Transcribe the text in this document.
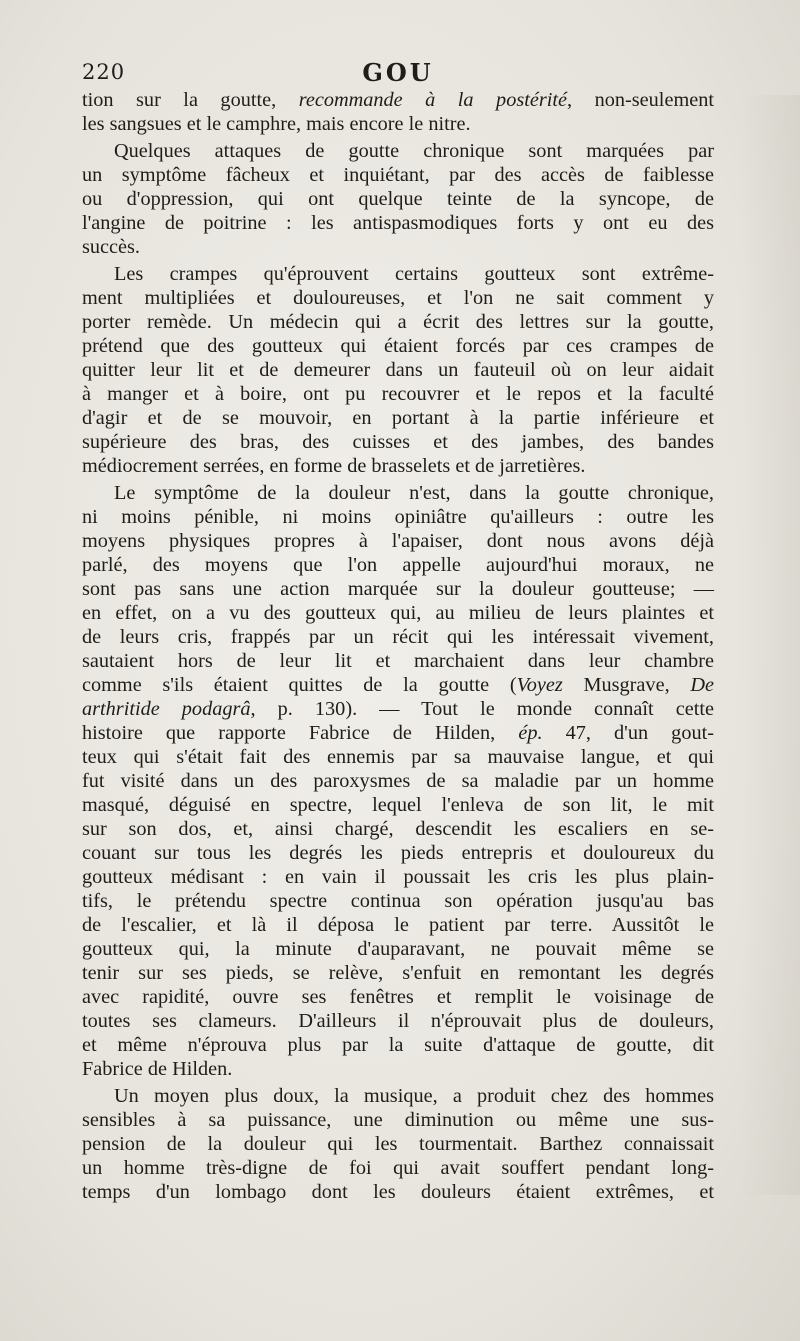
220	GOU
tion sur la goutte, recommande à la postérité, non-seulement
les sangsues et le camphre, mais encore le nitre.
Quelques attaques de goutte chronique sont marquées par
un symptôme fâcheux et inquiétant, par des accès de faiblesse
ou d'oppression, qui ont quelque teinte de la syncope, de
l'angine de poitrine : les antispasmodiques forts y ont eu des
succès.
Les crampes qu'éprouvent certains goutteux sont extrême-
ment multipliées et douloureuses, et l'on ne sait comment y
porter remède. Un médecin qui a écrit des lettres sur la goutte,
prétend que des goutteux qui étaient forcés par ces crampes de
quitter leur lit et de demeurer dans un fauteuil où on leur aidait
à manger et à boire, ont pu recouvrer et le repos et la faculté
d'agir et de se mouvoir, en portant à la partie inférieure et
supérieure des bras, des cuisses et des jambes, des bandes
médiocrement serrées, en forme de brasselets et de jarretières.
Le symptôme de la douleur n'est, dans la goutte chronique,
ni moins pénible, ni moins opiniâtre qu'ailleurs : outre les
moyens physiques propres à l'apaiser, dont nous avons déjà
parlé, des moyens que l'on appelle aujourd'hui moraux, ne
sont pas sans une action marquée sur la douleur goutteuse; —
en effet, on a vu des goutteux qui, au milieu de leurs plaintes et
de leurs cris, frappés par un récit qui les intéressait vivement,
sautaient hors de leur lit et marchaient dans leur chambre
comme s'ils étaient quittes de la goutte (Voyez Musgrave, De
arthritide podagrâ, p. 130). — Tout le monde connaît cette
histoire que rapporte Fabrice de Hilden, ép. 47, d'un gout-
teux qui s'était fait des ennemis par sa mauvaise langue, et qui
fut visité dans un des paroxysmes de sa maladie par un homme
masqué, déguisé en spectre, lequel l'enleva de son lit, le mit
sur son dos, et, ainsi chargé, descendit les escaliers en se-
couant sur tous les degrés les pieds entrepris et douloureux du
goutteux médisant : en vain il poussait les cris les plus plain-
tifs, le prétendu spectre continua son opération jusqu'au bas
de l'escalier, et là il déposa le patient par terre. Aussitôt le
goutteux qui, la minute d'auparavant, ne pouvait même se
tenir sur ses pieds, se relève, s'enfuit en remontant les degrés
avec rapidité, ouvre ses fenêtres et remplit le voisinage de
toutes ses clameurs. D'ailleurs il n'éprouvait plus de douleurs,
et même n'éprouva plus par la suite d'attaque de goutte, dit
Fabrice de Hilden.
Un moyen plus doux, la musique, a produit chez des hommes
sensibles à sa puissance, une diminution ou même une sus-
pension de la douleur qui les tourmentait. Barthez connaissait
un homme très-digne de foi qui avait souffert pendant long-
temps d'un lombago dont les douleurs étaient extrêmes, et
